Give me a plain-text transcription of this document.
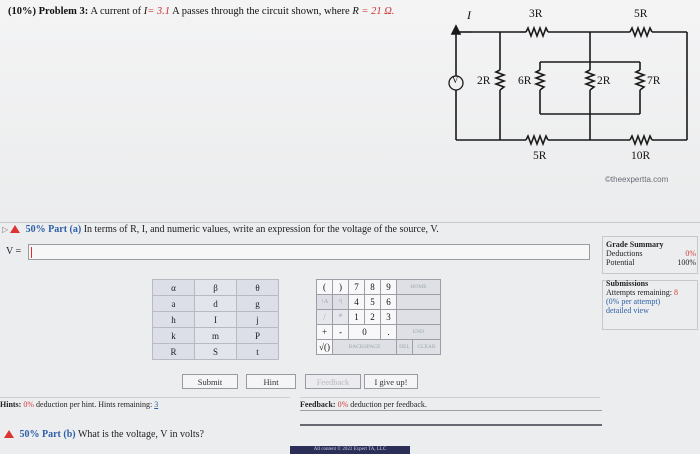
(10%) Problem 3: A current of I= 3.1 A passes through the circuit shown, where R = 21 Ω.	I
V 2R
3R
6R	2R
5R
5R
7R
10R
©theexpertta.com
▷ 50% Part (a) In terms of R, I, and numeric values, write an expression for the voltage of the source, V.
V =
α	β	θ
a	d	g
h	I	j
k	m	P
R	S	t
(	)	7	8	9	HOME	
↑A	^|	4	5	6		
/	*	1	2	3		
+	-	0		.	END	
√()	BACKSPACE				DEL	CLEAR
Submit	Hint	Feedback	I give up!
Hints: 0% deduction per hint. Hints remaining: 3	Feedback: 0% deduction per feedback.
Grade Summary
Deductions	0%
Potential	100%
Submissions
Attempts remaining: 8
(0% per attempt)
detailed view
50% Part (b) What is the voltage, V in volts?
All content © 2022 Expert TA, LLC
